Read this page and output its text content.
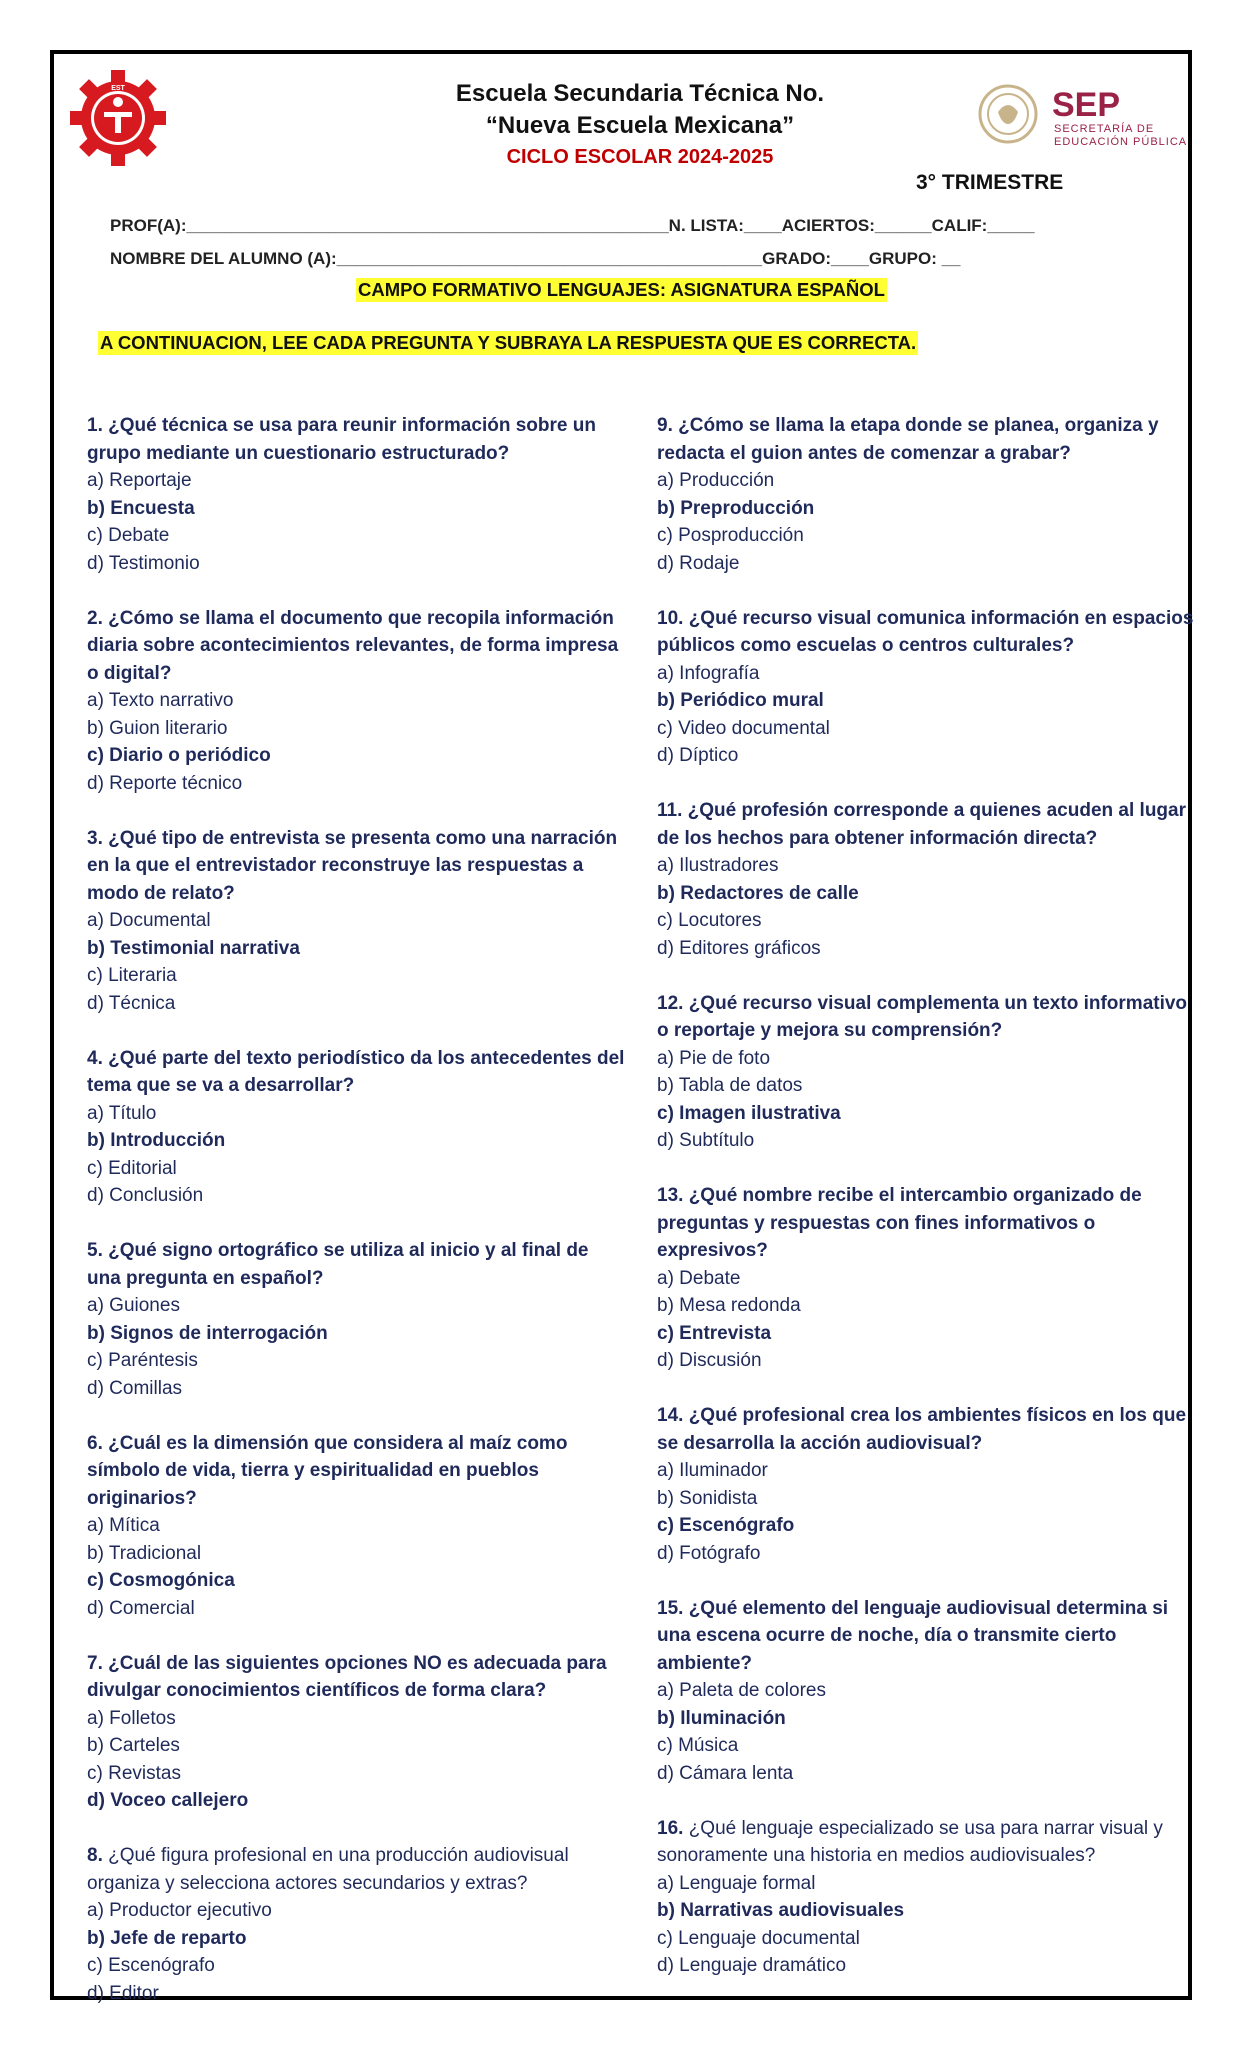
EST	SEP
SECRETARÍA DE
EDUCACIÓN PÚBLICA
Escuela Secundaria Técnica No.
“Nueva Escuela Mexicana”
CICLO ESCOLAR 2024-2025
3° TRIMESTRE
PROF(A):___________________________________________________N. LISTA:____ACIERTOS:______CALIF:_____
NOMBRE DEL ALUMNO (A):_____________________________________________GRADO:____GRUPO: __
CAMPO FORMATIVO LENGUAJES: ASIGNATURA ESPAÑOL
A CONTINUACION, LEE CADA PREGUNTA Y SUBRAYA LA RESPUESTA QUE ES CORRECTA.
1. ¿Qué técnica se usa para reunir información sobre un grupo mediante un cuestionario estructurado?
a) Reportaje
b) Encuesta
c) Debate
d) Testimonio
2. ¿Cómo se llama el documento que recopila información diaria sobre acontecimientos relevantes, de forma impresa o digital?
a) Texto narrativo
b) Guion literario
c) Diario o periódico
d) Reporte técnico
3. ¿Qué tipo de entrevista se presenta como una narración en la que el entrevistador reconstruye las respuestas a modo de relato?
a) Documental
b) Testimonial narrativa
c) Literaria
d) Técnica
4. ¿Qué parte del texto periodístico da los antecedentes del tema que se va a desarrollar?
a) Título
b) Introducción
c) Editorial
d) Conclusión
5. ¿Qué signo ortográfico se utiliza al inicio y al final de una pregunta en español?
a) Guiones
b) Signos de interrogación
c) Paréntesis
d) Comillas
6. ¿Cuál es la dimensión que considera al maíz como símbolo de vida, tierra y espiritualidad en pueblos originarios?
a) Mítica
b) Tradicional
c) Cosmogónica
d) Comercial
7. ¿Cuál de las siguientes opciones NO es adecuada para divulgar conocimientos científicos de forma clara?
a) Folletos
b) Carteles
c) Revistas
d) Voceo callejero
8. ¿Qué figura profesional en una producción audiovisual organiza y selecciona actores secundarios y extras?
a) Productor ejecutivo
b) Jefe de reparto
c) Escenógrafo
d) Editor
9. ¿Cómo se llama la etapa donde se planea, organiza y redacta el guion antes de comenzar a grabar?
a) Producción
b) Preproducción
c) Posproducción
d) Rodaje
10. ¿Qué recurso visual comunica información en espacios públicos como escuelas o centros culturales?
a) Infografía
b) Periódico mural
c) Video documental
d) Díptico
11. ¿Qué profesión corresponde a quienes acuden al lugar de los hechos para obtener información directa?
a) Ilustradores
b) Redactores de calle
c) Locutores
d) Editores gráficos
12. ¿Qué recurso visual complementa un texto informativo o reportaje y mejora su comprensión?
a) Pie de foto
b) Tabla de datos
c) Imagen ilustrativa
d) Subtítulo
13. ¿Qué nombre recibe el intercambio organizado de preguntas y respuestas con fines informativos o expresivos?
a) Debate
b) Mesa redonda
c) Entrevista
d) Discusión
14. ¿Qué profesional crea los ambientes físicos en los que se desarrolla la acción audiovisual?
a) Iluminador
b) Sonidista
c) Escenógrafo
d) Fotógrafo
15. ¿Qué elemento del lenguaje audiovisual determina si una escena ocurre de noche, día o transmite cierto ambiente?
a) Paleta de colores
b) Iluminación
c) Música
d) Cámara lenta
16. ¿Qué lenguaje especializado se usa para narrar visual y sonoramente una historia en medios audiovisuales?
a) Lenguaje formal
b) Narrativas audiovisuales
c) Lenguaje documental
d) Lenguaje dramático
